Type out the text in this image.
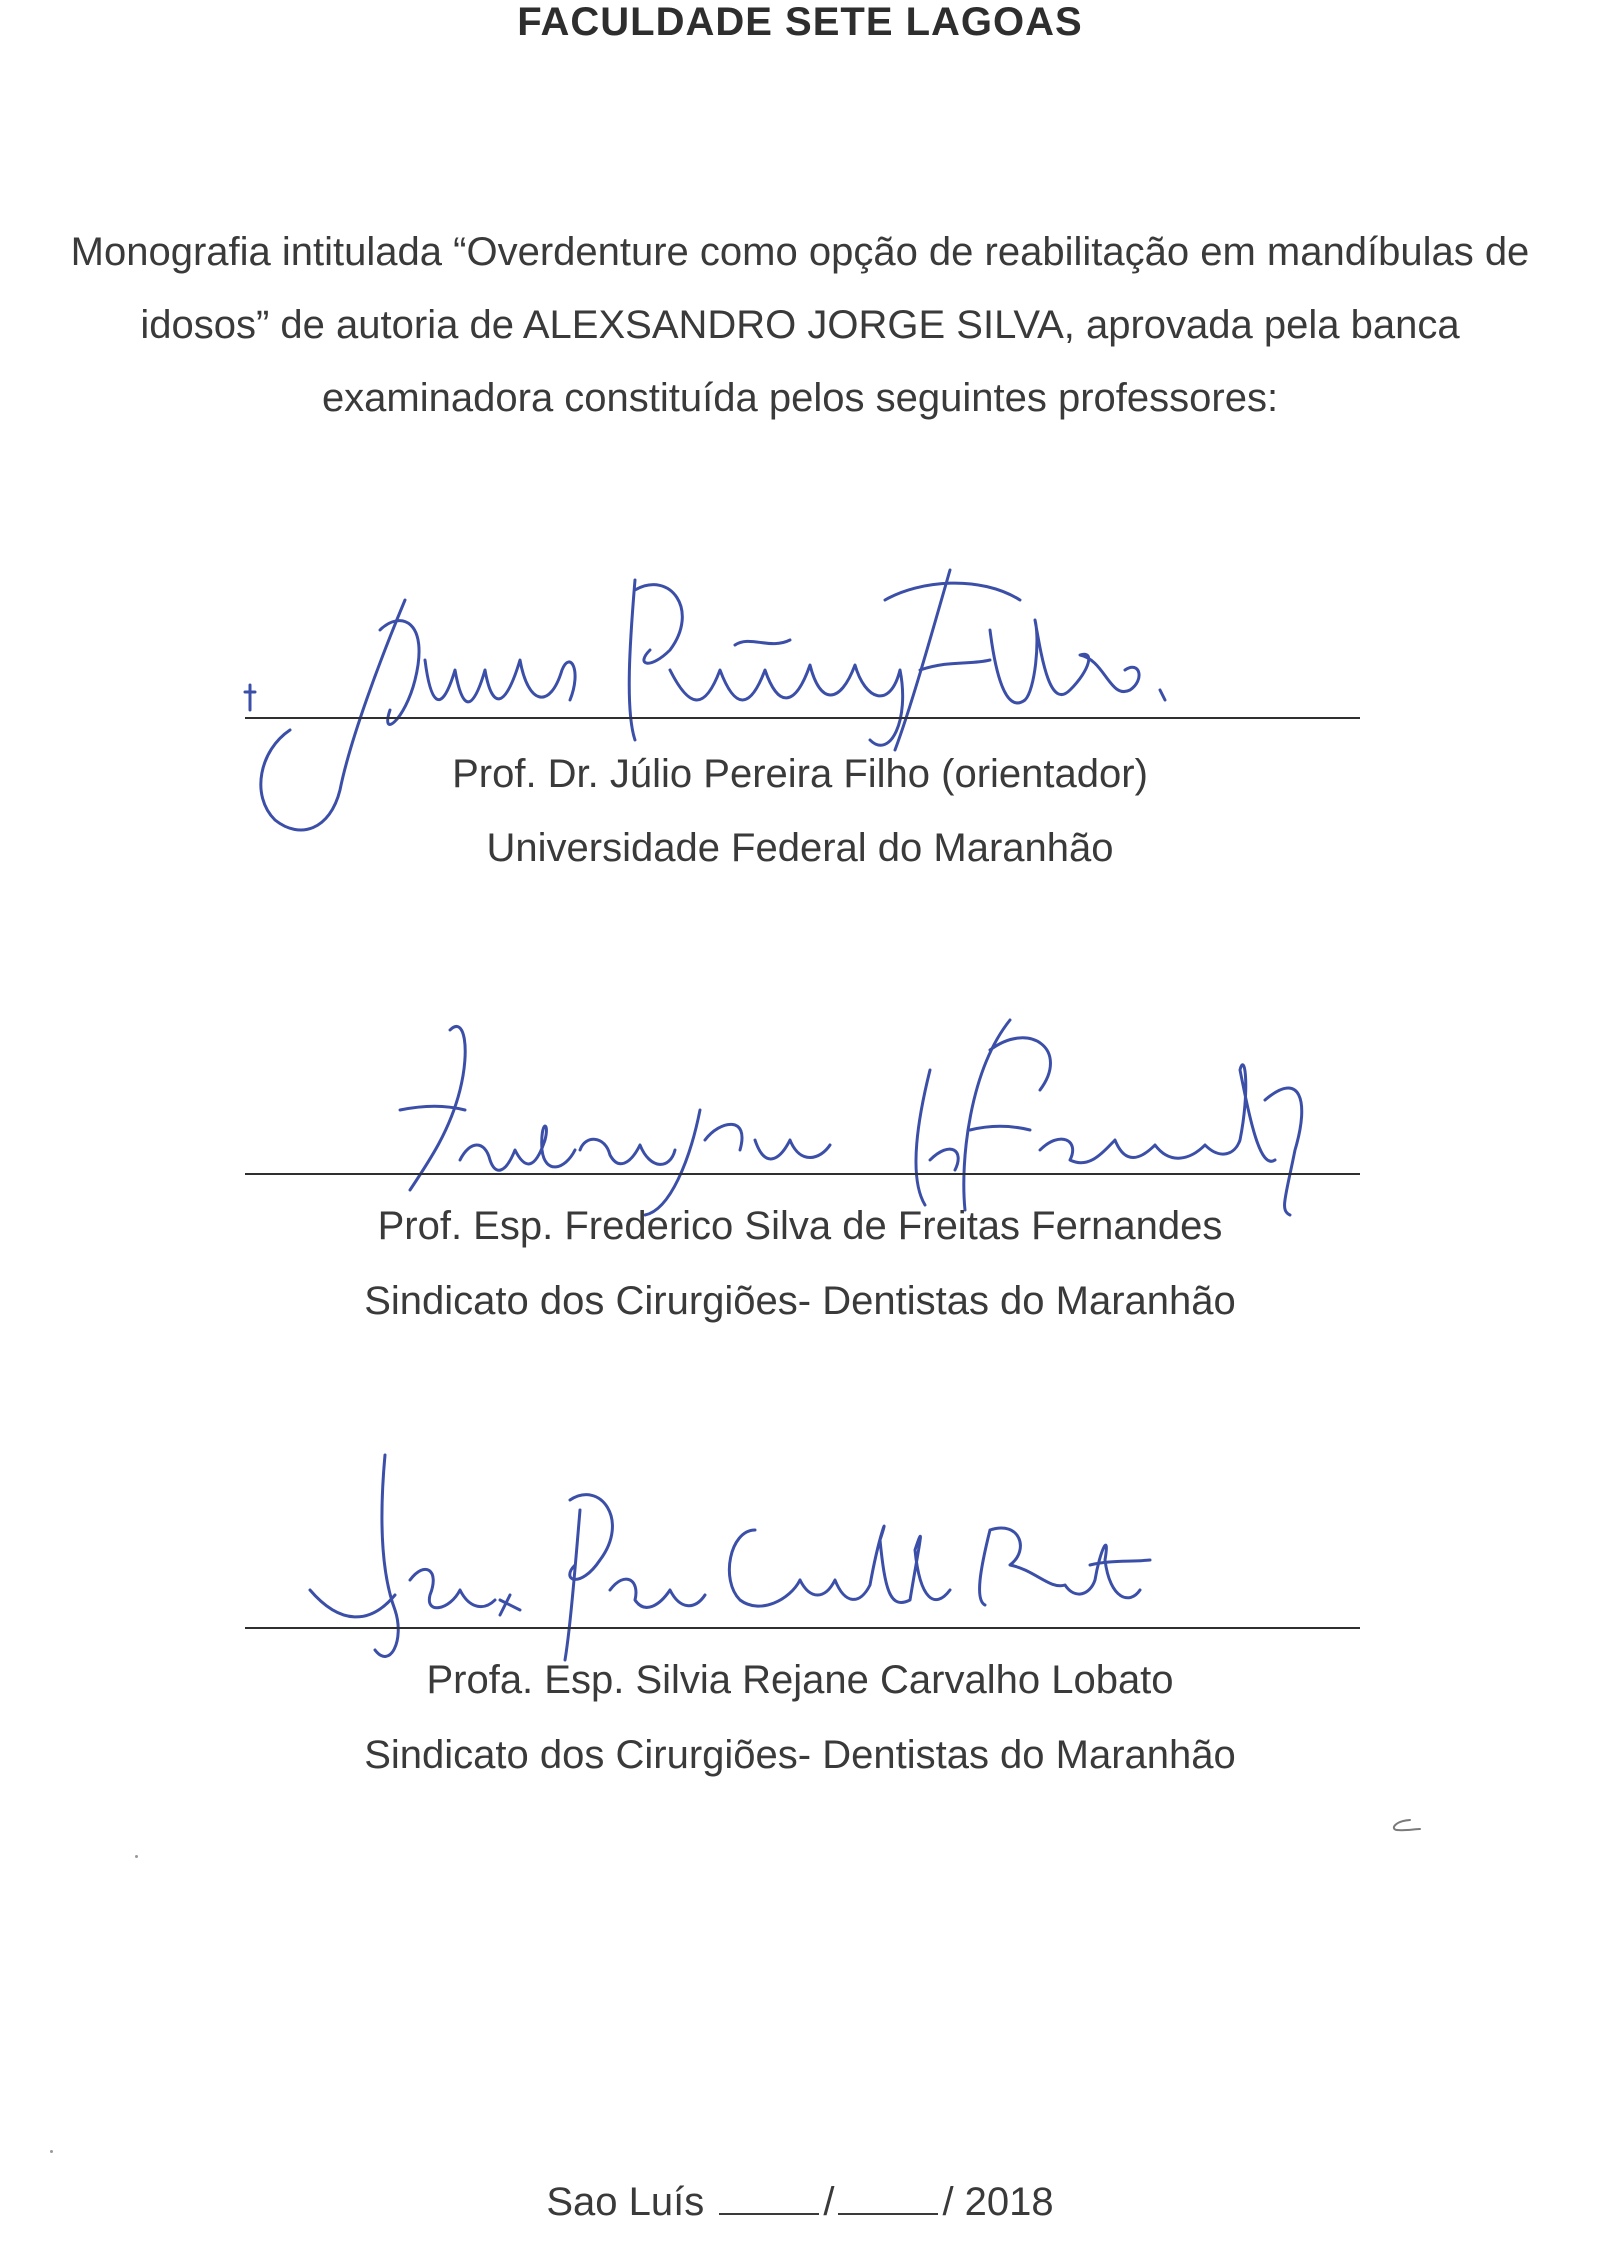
FACULDADE SETE LAGOAS
Monografia intitulada “Overdenture como opção de reabilitação em mandíbulas de
idosos” de autoria de ALEXSANDRO JORGE SILVA, aprovada pela banca
examinadora constituída pelos seguintes professores:
Prof. Dr. Júlio Pereira Filho (orientador)
Universidade Federal do Maranhão
Prof. Esp. Frederico Silva de Freitas Fernandes
Sindicato dos Cirurgiões- Dentistas do Maranhão
Profa. Esp. Silvia Rejane Carvalho Lobato
Sindicato dos Cirurgiões- Dentistas do Maranhão
Sao Luís	/	/ 2018
